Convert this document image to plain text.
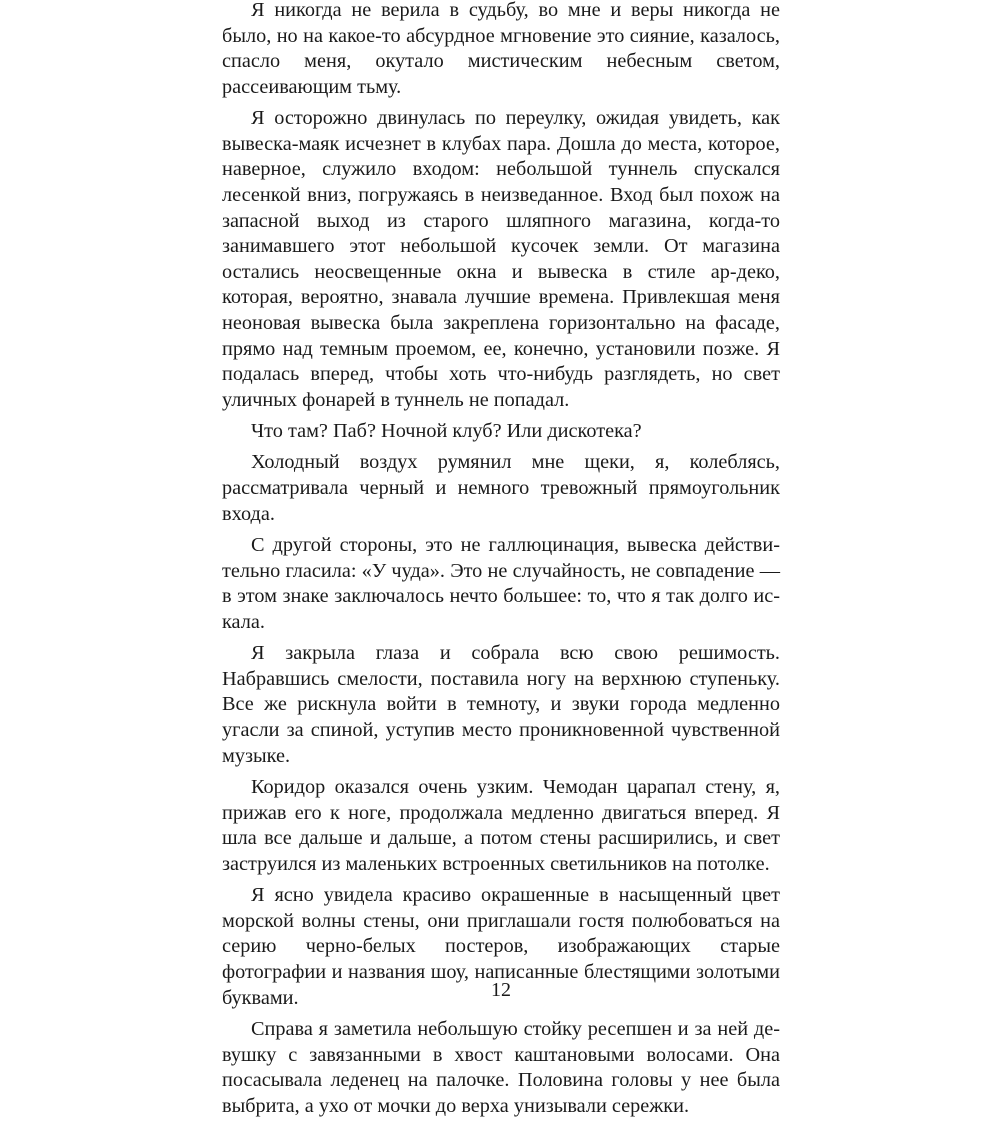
Я никогда не верила в судьбу, во мне и веры никогда не было, но на какое-то абсурдное мгновение это сияние, казалось, спасло меня, окутало мистическим небесным светом, рассеивающим тьму.

Я осторожно двинулась по переулку, ожидая увидеть, как вывеска-маяк исчезнет в клубах пара. Дошла до места, которое, наверное, служило входом: небольшой туннель спускался лесенкой вниз, погружаясь в неизведанное. Вход был похож на запасной выход из старого шляпного магазина, когда-то занимавшего этот небольшой кусочек земли. От магазина остались неосвещенные окна и вывеска в стиле ар-деко, которая, вероятно, знавала лучшие времена. Привлекшая меня неоновая вывеска была закреплена горизонтально на фасаде, прямо над темным проемом, ее, конечно, установили позже. Я подалась вперед, чтобы хоть что-нибудь разглядеть, но свет уличных фонарей в туннель не попадал.

Что там? Паб? Ночной клуб? Или дискотека?

Холодный воздух румянил мне щеки, я, колеблясь, рассматривала черный и немного тревожный прямоугольник входа.

С другой стороны, это не галлюцинация, вывеска действительно гласила: «У чуда». Это не случайность, не совпадение — в этом знаке заключалось нечто большее: то, что я так долго искала.

Я закрыла глаза и собрала всю свою решимость. Набравшись смелости, поставила ногу на верхнюю ступеньку. Все же рискнула войти в темноту, и звуки города медленно угасли за спиной, уступив место проникновенной чувственной музыке.

Коридор оказался очень узким. Чемодан царапал стену, я, прижав его к ноге, продолжала медленно двигаться вперед. Я шла все дальше и дальше, а потом стены расширились, и свет заструился из маленьких встроенных светильников на потолке.

Я ясно увидела красиво окрашенные в насыщенный цвет морской волны стены, они приглашали гостя полюбоваться на серию черно-белых постеров, изображающих старые фотографии и названия шоу, написанные блестящими золотыми буквами.

Справа я заметила небольшую стойку ресепшен и за ней девушку с завязанными в хвост каштановыми волосами. Она посасывала леденец на палочке. Половина головы у нее была выбрита, а ухо от мочки до верха унизывали сережки.

12
